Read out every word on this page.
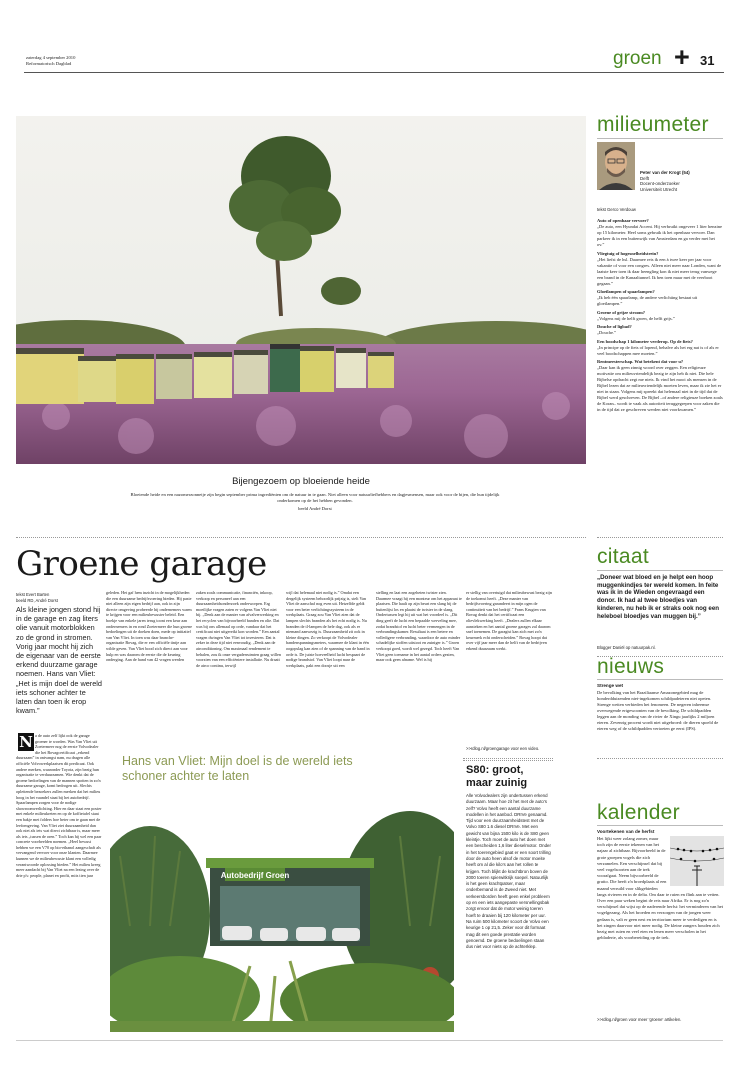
zaterdag 4 september 2010
Reformatorisch Dagblad	groen + 31
Bijengezoem op bloeiende heide
Bloeiende heide en een nazomerzonnetje zijn begin september prima ingrediënten om de natuur in te gaan. Niet alleen voor natuurliefhebbers en dagjesmensen, maar ook voor de bijen, die hun tijdelijk onderkomen op de hei hebben gevonden.
beeld André Dorst
milieumeter
Peter van der Krogt (54)
Delft
Docent-onderzoeker
Universiteit Utrecht
tekst Gerco Verdouw

Auto of openbaar vervoer?
„De auto, een Hyundai Accent. Hij verbruikt ongeveer 1 liter benzine op 15 kilometer. Heel soms gebruik ik het openbaar vervoer. Dan parkeer ik in een buitenwijk van Amsterdam en ga verder met het ov.”

Vliegtuig of hogesnelheidstrein?
„Het liefst de hsl. Daarmee reis ik een à twee keer per jaar voor vakantie of voor een congres. Alleen niet meer naar Londen, want de laatste keer toen ik daar heengling kon ik niet meer terug vanwege een brand in de Kanaaltunnel. Ik ben toen maar met de veerboot gegaan.”

Gloeilampen of spaarlampen?
„Ik heb één spaarlamp, de andere verlichting bestaat uit gloeilampen.”

Groene of grijze stroom?
„Volgens mij de helft groen, de helft grijs.”

Douche of ligbad?
„Douche.”

Een boodschap 1 kilometer verderop. Op de fiets?
„In principe op de fiets of lopend, behalve als het erg nat is of als er veel boodschappen mee moeten.”

Rentmeesterschap. Wat betekent dat voor u?
„Daar kan ik geen zinnig woord over zeggen. Een religieuze motivatie om milieuvriendelijk bezig te zijn heb ik niet. Die hele Bijbelse opdracht zegt me niets. Ik vind het mooi als mensen in de Bijbel lezen dat ze milieuvriendelijk moeten leven, maar ik zie het er niet in staan. Volgens mij spreekt dat helemaal niet in de tijd dat de Bijbel werd geschreven. De Bijbel –of andere religieuze boeken zoals de Koran– wordt te vaak als autoriteit teruggegrepen voor zaken die in de tijd dat ze geschreven werden niet voorkwamen.”

Groene garage
tekst Evert Barten
beeld RD, André Dorst
Als kleine jongen stond hij in de garage en zag liters olie vanuit motorblokken zo de grond in stromen. Vorig jaar mocht hij zich de eigenaar van de eerste erkend duurzame garage noemen. Hans van Vliet: „Het is mijn doel de wereld iets schoner achter te laten dan toen ik erop kwam.”
N a de auto zelf lijkt ook de garage groener te worden. Was Van Vliet uit Zoetermeer nog de eerste Volvodealer die het Bovagcertificaat „erkend duurzaam” in ontvangst nam, nu dragen alle officiële Volvowerkplaatsen dit predicaat. Ook andere merken, waaronder Toyota, zijn bezig hun organisatie te verduurzamen. Wie denkt dat de groene bedoelingen van de mannen spotten in zo'n duurzame garage, komt bedrogen uit. Slechts oplettende bezoekers zullen merken dat het milieu hoog in het vaandel staat bij het autobedrijf. Spaarlampen zorgen voor de nodige showroomverlichting. Hier en daar staat een poster met enkele milieukreten en op de koffietafel staat een bakje met folders hoe beter om te gaan met de leefomgeving. Van Vliet ziet duurzaamheid dan ook niet als iets wat direct zichtbaar is, maar meer als iets „tussen de oren.” Toch kan hij wel een paar concrete voorbeelden noemen. „Heel bewust hebben we een V70 op bio-ethanol aangeschaft als vervangend vervoer voor onze klanten. Daarmee kunnen we de milieubewuste klant een volledig verantwoorde oplossing bieden.” Het milieu kreeg meer aandacht bij Van Vliet na een lezing over de drie p's: people, planet en profit, mits tien jaar
geleden. Het gaf hem inzicht in de mogelijkheden die een duurzame bedrijfsvoering bieden. Hij paste niet alleen zijn eigen bedrijf aan, ook in zijn directe omgeving probeerde hij ondernemers warm te krijgen voor een milieubewuster beleid. Een boekje van enkele jaren terug toont een keur aan ondernemers in en rond Zoetermeer die hun groene bedoelingen uit de doeken doen, mede op initiatief van Van Vliet. In toen was daar branche-organisatie Bovag, die er een officiële tintje aan wilde geven. Van Vliet bood zich direct aan voor hulp en was daarom de eerste die de keuring onderging. Aan de hand van 42 vragen werden
zaken zoals communicatie, financiën, inkoop, verkoop en personeel aan een duurzaamheidsonderzoek onderworpen. Erg moeilijke vragen zaten er volgens Van Vliet niet bij. „Denk aan de manier van afvalverwerking en het recyclen van bijvoorbeeld banden en olie. Dat was bij ons allemaal op orde, vandaar dat het certificaat niet uitgereikt kon worden.” Een aantal vragen dwingen Van Vliet tot investeren. Dat is zeker in deze tijd niet eenvoudig. „Denk aan de airconditioning. Om maximaal rendement te behalen, zou ik onze vergaderruimten graag willen voorzien van een efficiëntere installatie. Nu draait de airco continu, terwijl
wijl dat helemaal niet nodig is.” Omdat een dergelijk systeem behoorlijk prijzig is, stelt Van Vliet de aanschaf nog even uit. Hetzelfde geldt voor een beter verlichtingssysteem in de werkplaats. Graag zou Van Vliet zien dat de lampen slechts branden als het echt nodig is. Nu branden de tl-lampen de hele dag, ook als er niemand aanwezig is. Duurzaamheid zit ook in kleine dingen. Zo verkoopt de Volvodealer bandenspanningsmeters, waarmee de klant in één oogopslag kan zien of de spanning van de band in orde is. De juiste hoeveelheid lucht bespaart de nodige brandstof. Van Vliet loopt naar de werkplaats, pakt een doosje uit een
stelling en laat een zogeheten twister zien. Daarmee vraagt hij een monteur om het apparaat te plaatsen. Die haalt op zijn beurt een slang bij de buitenlijst los en plaatst de twister in de slang. Ondertussen legt hij uit wat het voordeel is. „Dit ding geeft de lucht een bepaalde werveling mee, zodat brandstof en lucht beter vermengen in de verbrandingskamer. Resultaat is een betere en volledigere verbranding, waardoor de auto minder schadelijke stoffen uitstoot en zuiniger is.” Groen verkoopt goed, wordt wel gezegd. Toch heeft Van Vliet geen toename in het aantal orders gezien, maar ook geen afname. Wel is hij
er stellig van overtuigd dat milieubewust bezig zijn de toekomst heeft. „Deze manier van bedrijfsvoering garandeert in mijn ogen de continuïteit van het bedrijf.” Frans Krugten van Bovag denkt dat het certificaat een olievlekwerking heeft. „Dealers zullen elkaar aansteken en het aantal groene garages zal daarom snel toenemen. De garagist kan zich met zo'n keurmerk echt onderscheiden.” Bovag hoopt dat over vijf jaar meer dan de helft van de bedrijven erkend duurzaam werkt.
>>rdlog.nl/groengarage voor een video.
Hans van Vliet: Mijn doel is de wereld iets schoner achter te laten
Autobedrijf Groen
S80: groot, maar zuinig
Alle Volvodealers zijn ondertussen erkend duurzaam. Maar hoe zit het met de auto's zelf? Volvo heeft een aantal duurzame modellen in het aanbod. DRIVe genaamd. Tijd voor een duurzaamheidstest met de Volvo S80 1.6 diesel DRIVe. Met een gewicht van bijna 1500 kilo is de S80 geen kleintje. Toch moet de auto het doen met een bescheiden 1,6 liter dieselmotor. Onder in het toerengebied gaat er een soort trilling door de auto heen alsof de motor moeite heeft om al die kilo's aan het rollen te krijgen. Toch blijkt de krachtbron boven de 2000 toeren spierwitkrijk soepel. Natuurlijk is het geen krachtpatser, maar onderbemand is de Zweed niet. Met verkeersborden heeft geen enkel probleem op en een iets aangepaste versnellingsbak zorgt ervoor dat de motor weinig toeren hoeft te draaien bij 120 kilometer per uur. Na ruim 500 kilometer scoort de Volvo een keurige 1 op 21,5. Zeker voor dit formaat mag dit een goede prestatie worden genoemd. De groene bedoelingen staan dus niet voor niets op de achterklep.
citaat
„Doneer wat bloed en je helpt een hoop muggenkindjes ter wereld komen. In feite was ik in de Wieden ongevraagd een donor. Ik had al twee bloedjes van kinderen, nu heb ik er straks ook nog een heleboel bloedjes van muggen bij.”
Blogger Daniël op natuurpak.nl.
nieuws
Strenge wet
De bevolking van het Braziliaanse Amazonegebied mag de honderdduizenden niet-ingekomen schildpadeieren niet opeten. Strenge wetten verbieden het fenomeen. De negeren inheemse overwegende ertgewoonten van de bevolking. De schildpadden leggen aan de monding van de rivier de Xingu jaarlijks 2 miljoen eieren. Zevenrig procent wordt niet uitgebroed: de dieren spoeld de eieren weg of de schildpadden vertoeten ge eerst (IPS).
kalender
Voortekenen van de herfst
Het lijkt weer zolang zomer, maar toch zijn de eerste tekenen van het najaar al zichtbaar. Bijvoorbeeld in de grote groepen vogels die zich verzamelen. Een verschijnsel dat bij veel vogelsoorten aan de trek voorafgaat. Neem bijvoorbeeld de grutto. Die heeft z'n broedplaats al een maand verruild voor slikgebieden langs rivieren en in de delta. Om daar te ruien en flink aan te vetten. Over een paar weken begint de reis naar Afrika. Er is nog zo'n verschijnsel dat wijst op de naderende herfst: het verminderen van het vogelgezang. Als het broeden en verzorgen van de jongen weer gedaan is, valt er geen nest en territorium meer te verdedigen en is het zingen daarvoor niet meer nodig. De kleine zangers houden zich bezig met ruien en veel eten en lenen meer verscholen in het gebladerte, als voorbereiding op de trek.
>>rdlog.nl/groen voor meer 'groene' artikelen.
